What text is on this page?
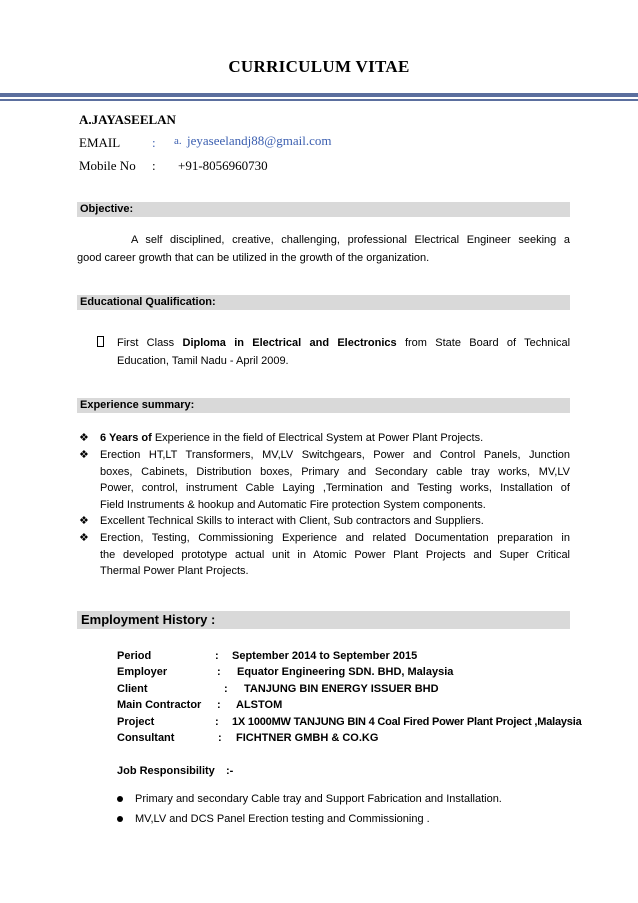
CURRICULUM VITAE
A.JAYASEELAN
EMAIL : a. jeyaseelandj88@gmail.com
Mobile No : +91-8056960730
Objective:
A self disciplined, creative, challenging, professional Electrical Engineer seeking a
good career growth that can be utilized in the growth of the organization.
Educational Qualification:
First Class Diploma in Electrical and Electronics from State Board of Technical
Education, Tamil Nadu - April 2009.
Experience summary:
❖ 6 Years of Experience in the field of Electrical System at Power Plant Projects.
❖ Erection HT,LT Transformers, MV,LV Switchgears, Power and Control Panels, Junction
boxes, Cabinets, Distribution boxes, Primary and Secondary cable tray works, MV,LV
Power, control, instrument Cable Laying ,Termination and Testing works, Installation of
Field Instruments & hookup and Automatic Fire protection System components.
❖ Excellent Technical Skills to interact with Client, Sub contractors and Suppliers.
❖ Erection, Testing, Commissioning Experience and related Documentation preparation in
the developed prototype actual unit in Atomic Power Plant Projects and Super Critical
Thermal Power Plant Projects.
Employment History :
Period	: September 2014 to September 2015
Employer	: Equator Engineering SDN. BHD, Malaysia
Client	: TANJUNG BIN ENERGY ISSUER BHD
Main Contractor : ALSTOM
Project	: 1X 1000MW TANJUNG BIN 4 Coal Fired Power Plant Project ,Malaysia
Consultant	: FICHTNER GMBH & CO.KG
Job Responsibility :-
Primary and secondary Cable tray and Support Fabrication and Installation.
MV,LV and DCS Panel Erection testing and Commissioning .
